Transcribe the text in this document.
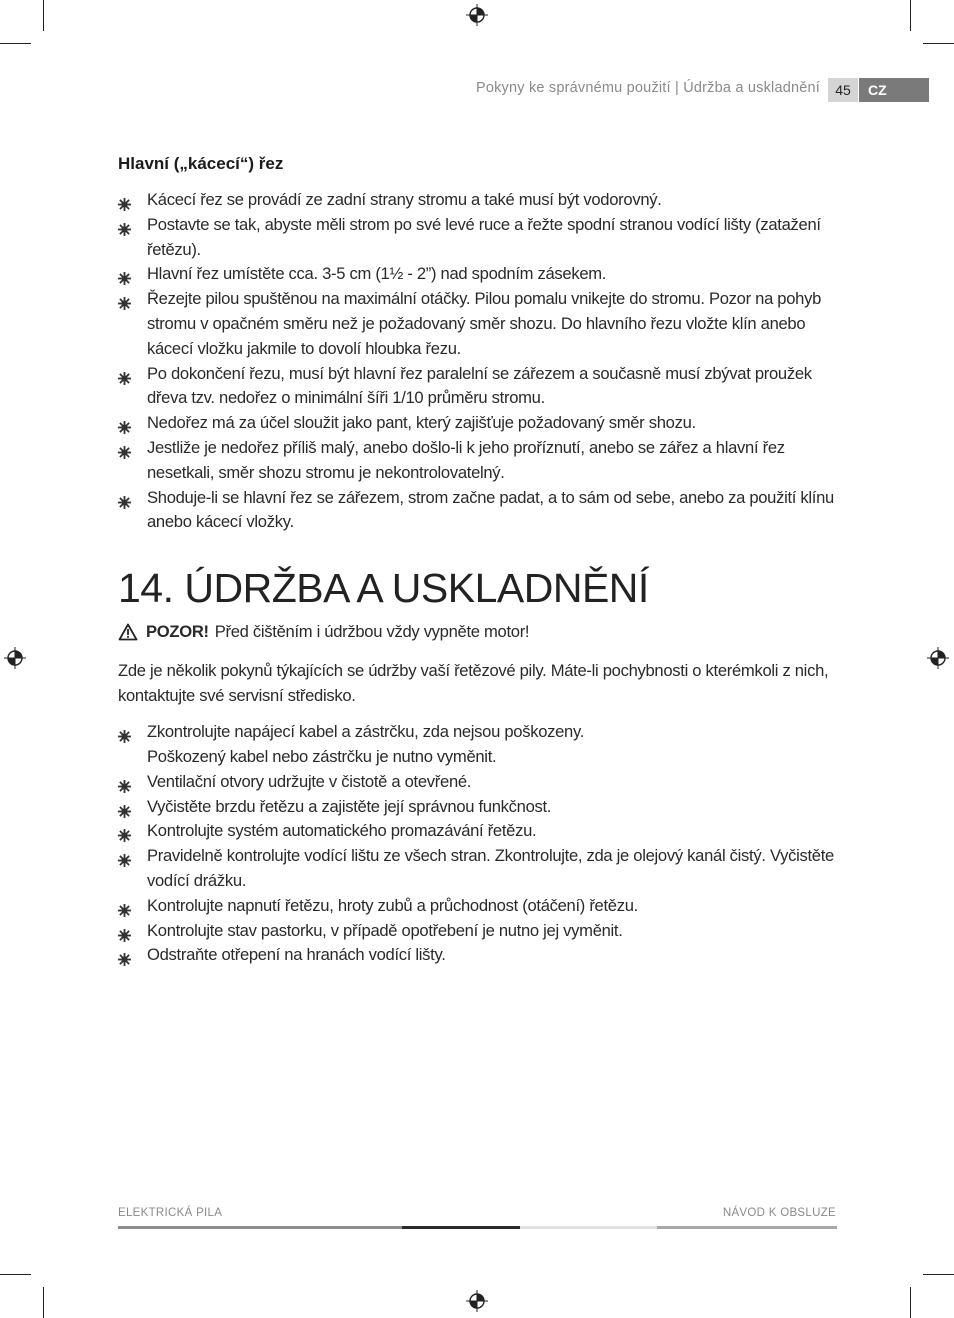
Pokyny ke správnému použití | Údržba a uskladnění	45	CZ
Hlavní („kácecí“) řez
Kácecí řez se provádí ze zadní strany stromu a také musí být vodorovný.
Postavte se tak, abyste měli strom po své levé ruce a řežte spodní stranou vodící lišty (zatažení řetězu).
Hlavní řez umístěte cca. 3-5 cm (1½ - 2”) nad spodním zásekem.
Řezejte pilou spuštěnou na maximální otáčky. Pilou pomalu vnikejte do stromu. Pozor na pohyb stromu v opačném směru než je požadovaný směr shozu. Do hlavního řezu vložte klín anebo kácecí vložku jakmile to dovolí hloubka řezu.
Po dokončení řezu, musí být hlavní řez paralelní se zářezem a současně musí zbývat proužek dřeva tzv. nedořez o minimální šíři 1/10 průměru stromu.
Nedořez má za účel sloužit jako pant, který zajišťuje požadovaný směr shozu.
Jestliže je nedořez příliš malý, anebo došlo-li k jeho proříznutí, anebo se zářez a hlavní řez nesetkali, směr shozu stromu je nekontrolovatelný.
Shoduje-li se hlavní řez se zářezem, strom začne padat, a to sám od sebe, anebo za použití klínu anebo kácecí vložky.
14. ÚDRŽBA A USKLADNĚNÍ
POZOR! Před čištěním i údržbou vždy vypněte motor!

Zde je několik pokynů týkajících se údržby vaší řetězové pily. Máte-li pochybnosti o kterémkoli z nich, kontaktujte své servisní středisko.

Zkontrolujte napájecí kabel a zástrčku, zda nejsou poškozeny.
Poškozený kabel nebo zástrčku je nutno vyměnit.
Ventilační otvory udržujte v čistotě a otevřené.
Vyčistěte brzdu řetězu a zajistěte její správnou funkčnost.
Kontrolujte systém automatického promazávání řetězu.
Pravidelně kontrolujte vodící lištu ze všech stran. Zkontrolujte, zda je olejový kanál čistý. Vyčistěte vodící drážku.
Kontrolujte napnutí řetězu, hroty zubů a průchodnost (otáčení) řetězu.
Kontrolujte stav pastorku, v případě opotřebení je nutno jej vyměnit.
Odstraňte otřepení na hranách vodící lišty.
ELEKTRICKÁ PILA	NÁVOD K OBSLUZE
